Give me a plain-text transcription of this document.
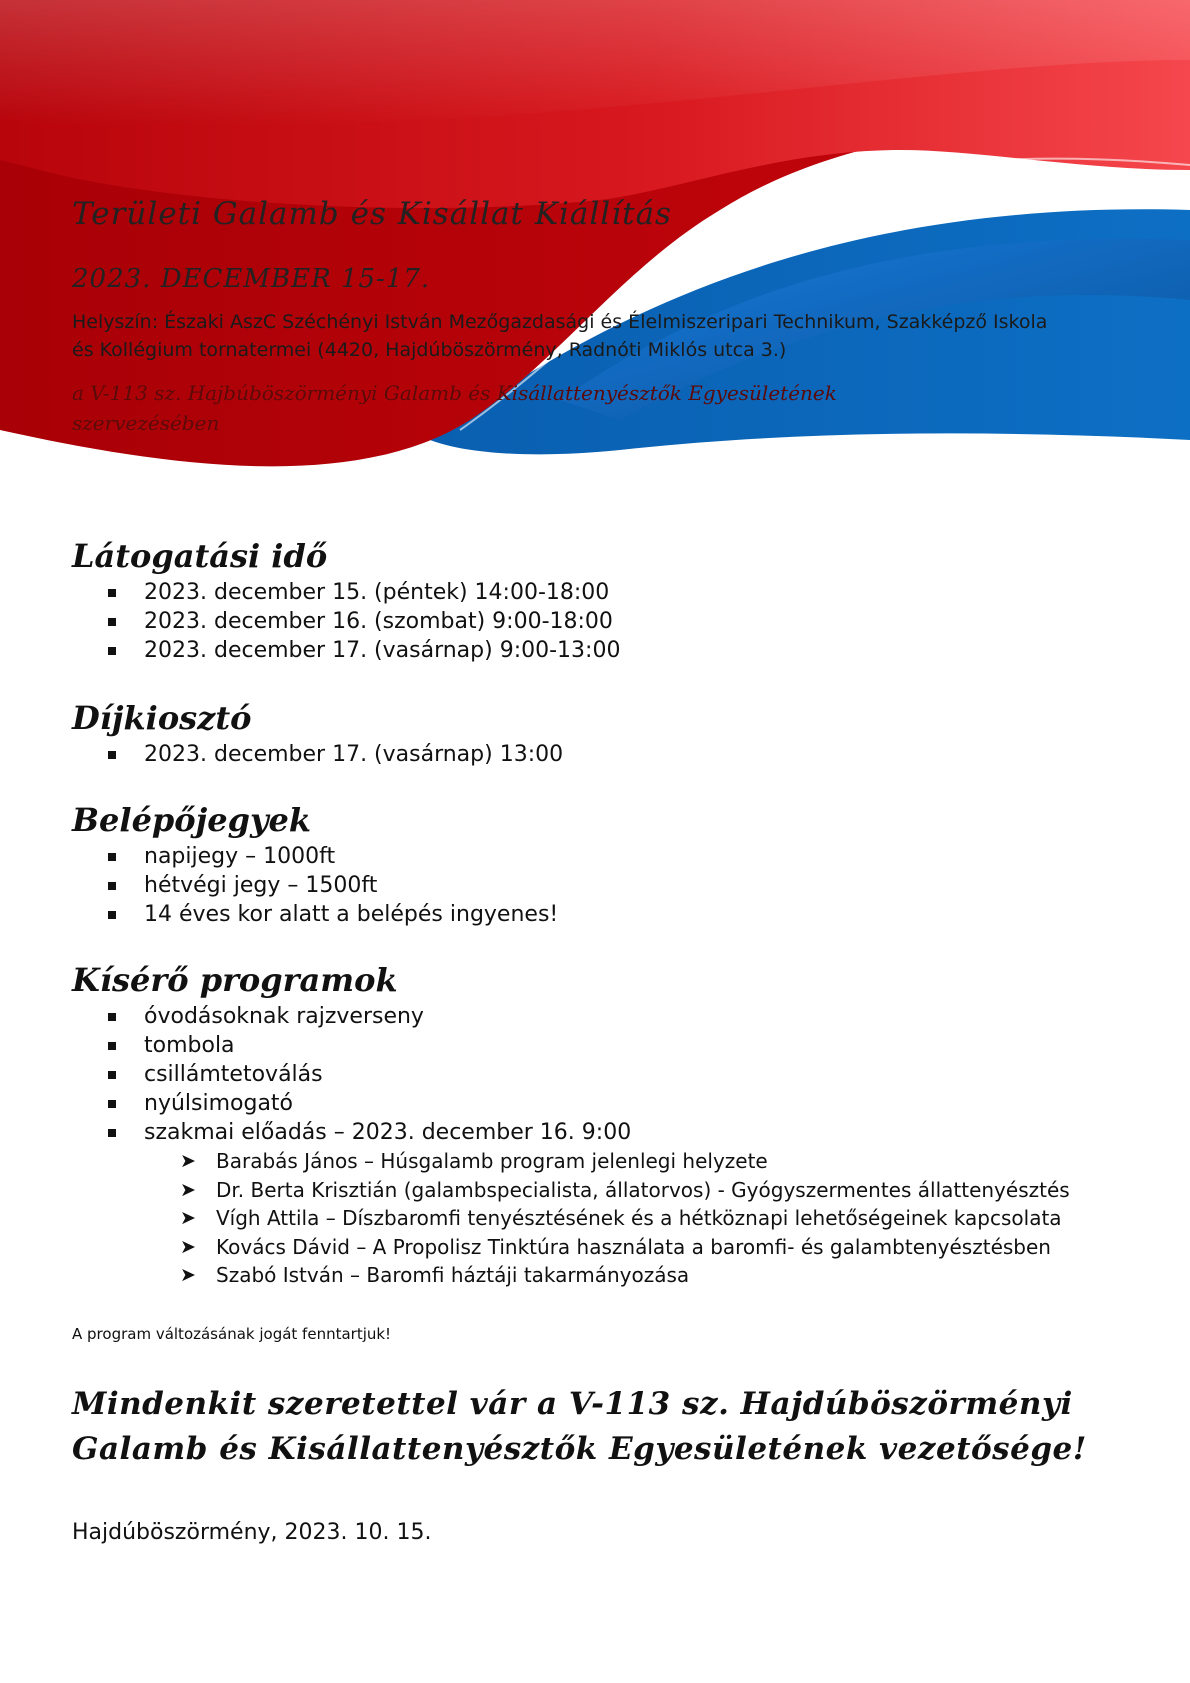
Területi Galamb és Kisállat Kiállítás
2023. DECEMBER 15-17.

Helyszín: Északi AszC Széchényi István Mezőgazdasági és Élelmiszeripari Technikum, Szakképző Iskola és Kollégium tornatermei (4420, Hajdúböszörmény, Radnóti Miklós utca 3.)

a V-113 sz. Hajbúböszörményi Galamb és Kisállattenyésztők Egyesületének szervezésében

Látogatási idő
2023. december 15. (péntek) 14:00-18:00
2023. december 16. (szombat) 9:00-18:00
2023. december 17. (vasárnap) 9:00-13:00
Díjkiosztó
2023. december 17. (vasárnap) 13:00
Belépőjegyek
napijegy – 1000ft
hétvégi jegy – 1500ft
14 éves kor alatt a belépés ingyenes!
Kísérő programok
óvodásoknak rajzverseny
tombola
csillámtetoválás
nyúlsimogató
szakmai előadás – 2023. december 16. 9:00
➤ Barabás János – Húsgalamb program jelenlegi helyzete
➤ Dr. Berta Krisztián (galambspecialista, állatorvos) - Gyógyszermentes állattenyésztés
➤ Vígh Attila – Díszbaromfi tenyésztésének és a hétköznapi lehetőségeinek kapcsolata
➤ Kovács Dávid – A Propolisz Tinktúra használata a baromfi- és galambtenyésztésben
➤ Szabó István – Baromfi háztáji takarmányozása

A program változásának jogát fenntartjuk!

Mindenkit szeretettel vár a V-113 sz. Hajdúböszörményi Galamb és Kisállattenyésztők Egyesületének vezetősége!

Hajdúböszörmény, 2023. 10. 15.
